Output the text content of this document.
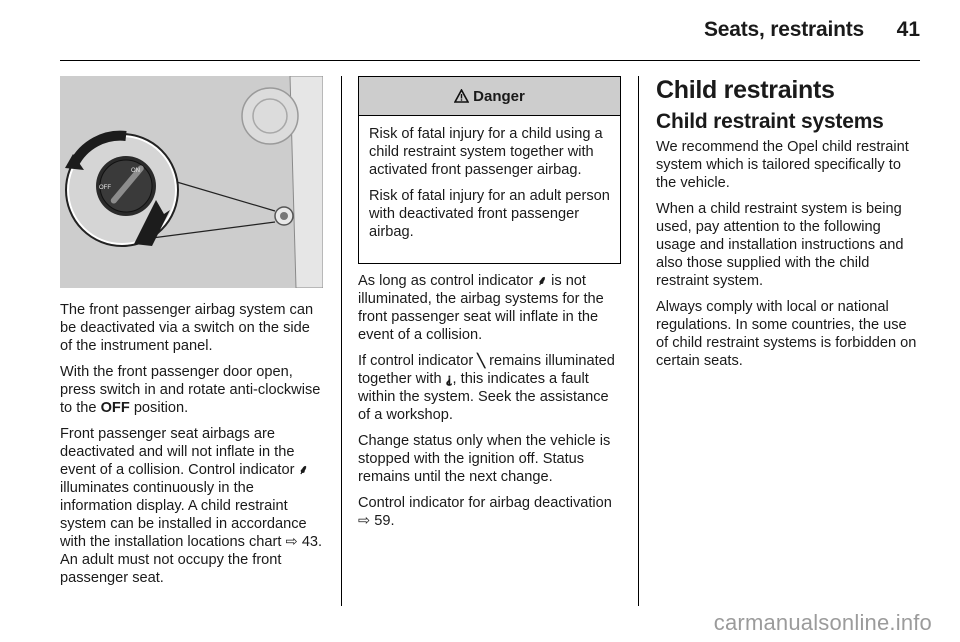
Seats, restraints 41
ON
OFF

The front passenger airbag system can be deactivated via a switch on the side of the instrument panel.

With the front passenger door open, press switch in and rotate anti-clockwise to the OFF position.

Front passenger seat airbags are deactivated and will not inflate in the event of a collision. Control indicator ⸙ illuminates continuously in the information display. A child restraint system can be installed in accordance with the installation locations chart ⇨ 43. An adult must not occupy the front passenger seat.

Danger

Risk of fatal injury for a child using a child restraint system together with activated front passenger airbag.

Risk of fatal injury for an adult person with deactivated front passenger airbag.

As long as control indicator ⸙ is not illuminated, the airbag systems for the front passenger seat will inflate in the event of a collision.

If control indicator ╲ remains illuminated together with ⸘, this indicates a fault within the system. Seek the assistance of a workshop.

Change status only when the vehicle is stopped with the ignition off. Status remains until the next change.

Control indicator for airbag deactivation ⇨ 59.

Child restraints
Child restraint systems

We recommend the Opel child restraint system which is tailored specifically to the vehicle.

When a child restraint system is being used, pay attention to the following usage and installation instructions and also those supplied with the child restraint system.

Always comply with local or national regulations. In some countries, the use of child restraint systems is forbidden on certain seats.

carmanualsonline.info
